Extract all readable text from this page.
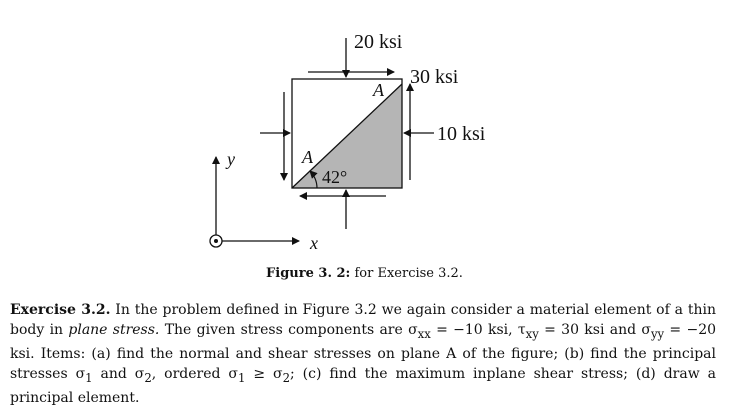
20 ksi
30 ksi
10 ksi
A
A
42°
y
x
Figure 3. 2: for Exercise 3.2.
Exercise 3.2. In the problem defined in Figure 3.2 we again consider a material element of a thin body in plane stress. The given stress components are $\sigma_{xx} = -10$ ksi, $\tau_{xy} = 30$ ksi and $\sigma_{yy} = -20$ ksi. Items: (a) find the normal and shear stresses on plane A of the figure; (b) find the principal stresses $\sigma_1$ and $\sigma_2$, ordered $\sigma_1 \ge \sigma_2$; (c) find the maximum inplane shear stress; (d) draw a principal element.
